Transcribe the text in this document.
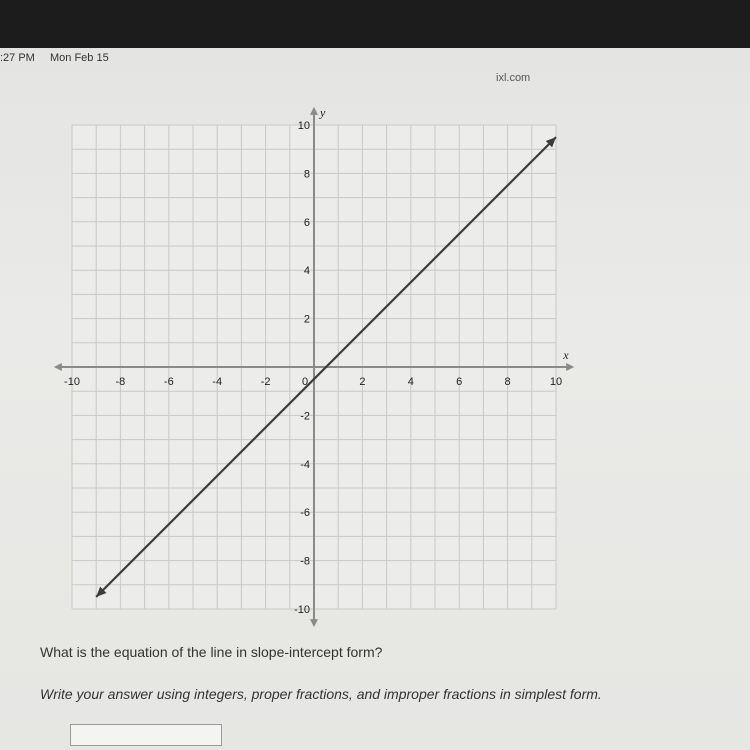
:27 PM Mon Feb 15
ixl.com
-10	-8	-6	-4	-2	0	2	4	6	8	10
10
8
6
4
2
-2
-4
-6
-8
-10
x
y
What is the equation of the line in slope-intercept form?
Write your answer using integers, proper fractions, and improper fractions in simplest form.
